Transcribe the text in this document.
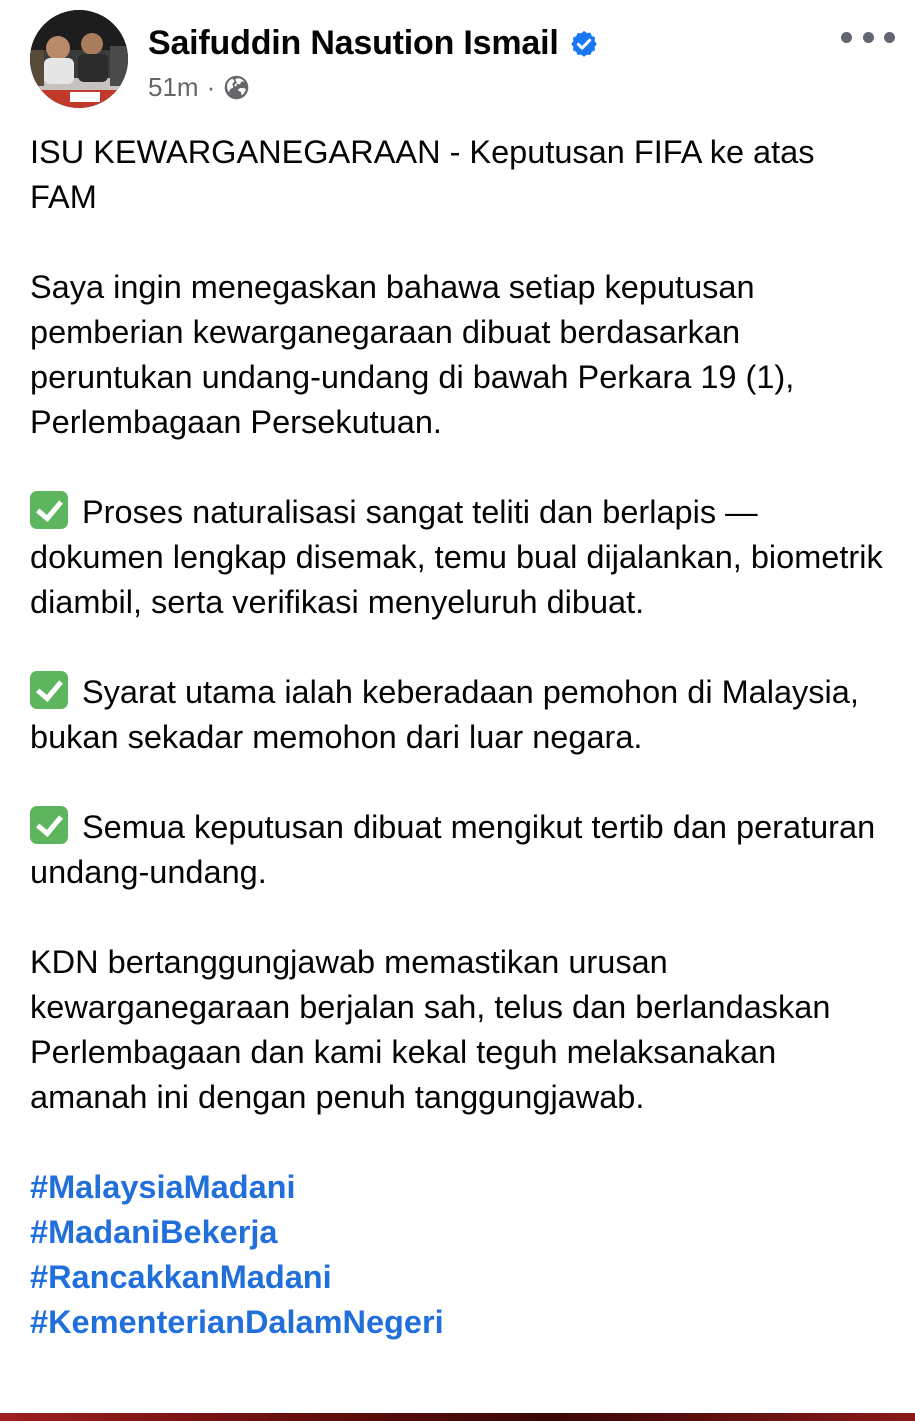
Saifuddin Nasution Ismail
51m ·

ISU KEWARGANEGARAAN - Keputusan FIFA ke atas FAM

Saya ingin menegaskan bahawa setiap keputusan pemberian kewarganegaraan dibuat berdasarkan peruntukan undang-undang di bawah Perkara 19 (1), Perlembagaan Persekutuan.

Proses naturalisasi sangat teliti dan berlapis — dokumen lengkap disemak, temu bual dijalankan, biometrik diambil, serta verifikasi menyeluruh dibuat.

Syarat utama ialah keberadaan pemohon di Malaysia, bukan sekadar memohon dari luar negara.

Semua keputusan dibuat mengikut tertib dan peraturan undang-undang.

KDN bertanggungjawab memastikan urusan kewarganegaraan berjalan sah, telus dan berlandaskan Perlembagaan dan kami kekal teguh melaksanakan amanah ini dengan penuh tanggungjawab.

#MalaysiaMadani
#MadaniBekerja
#RancakkanMadani
#KementerianDalamNegeri
